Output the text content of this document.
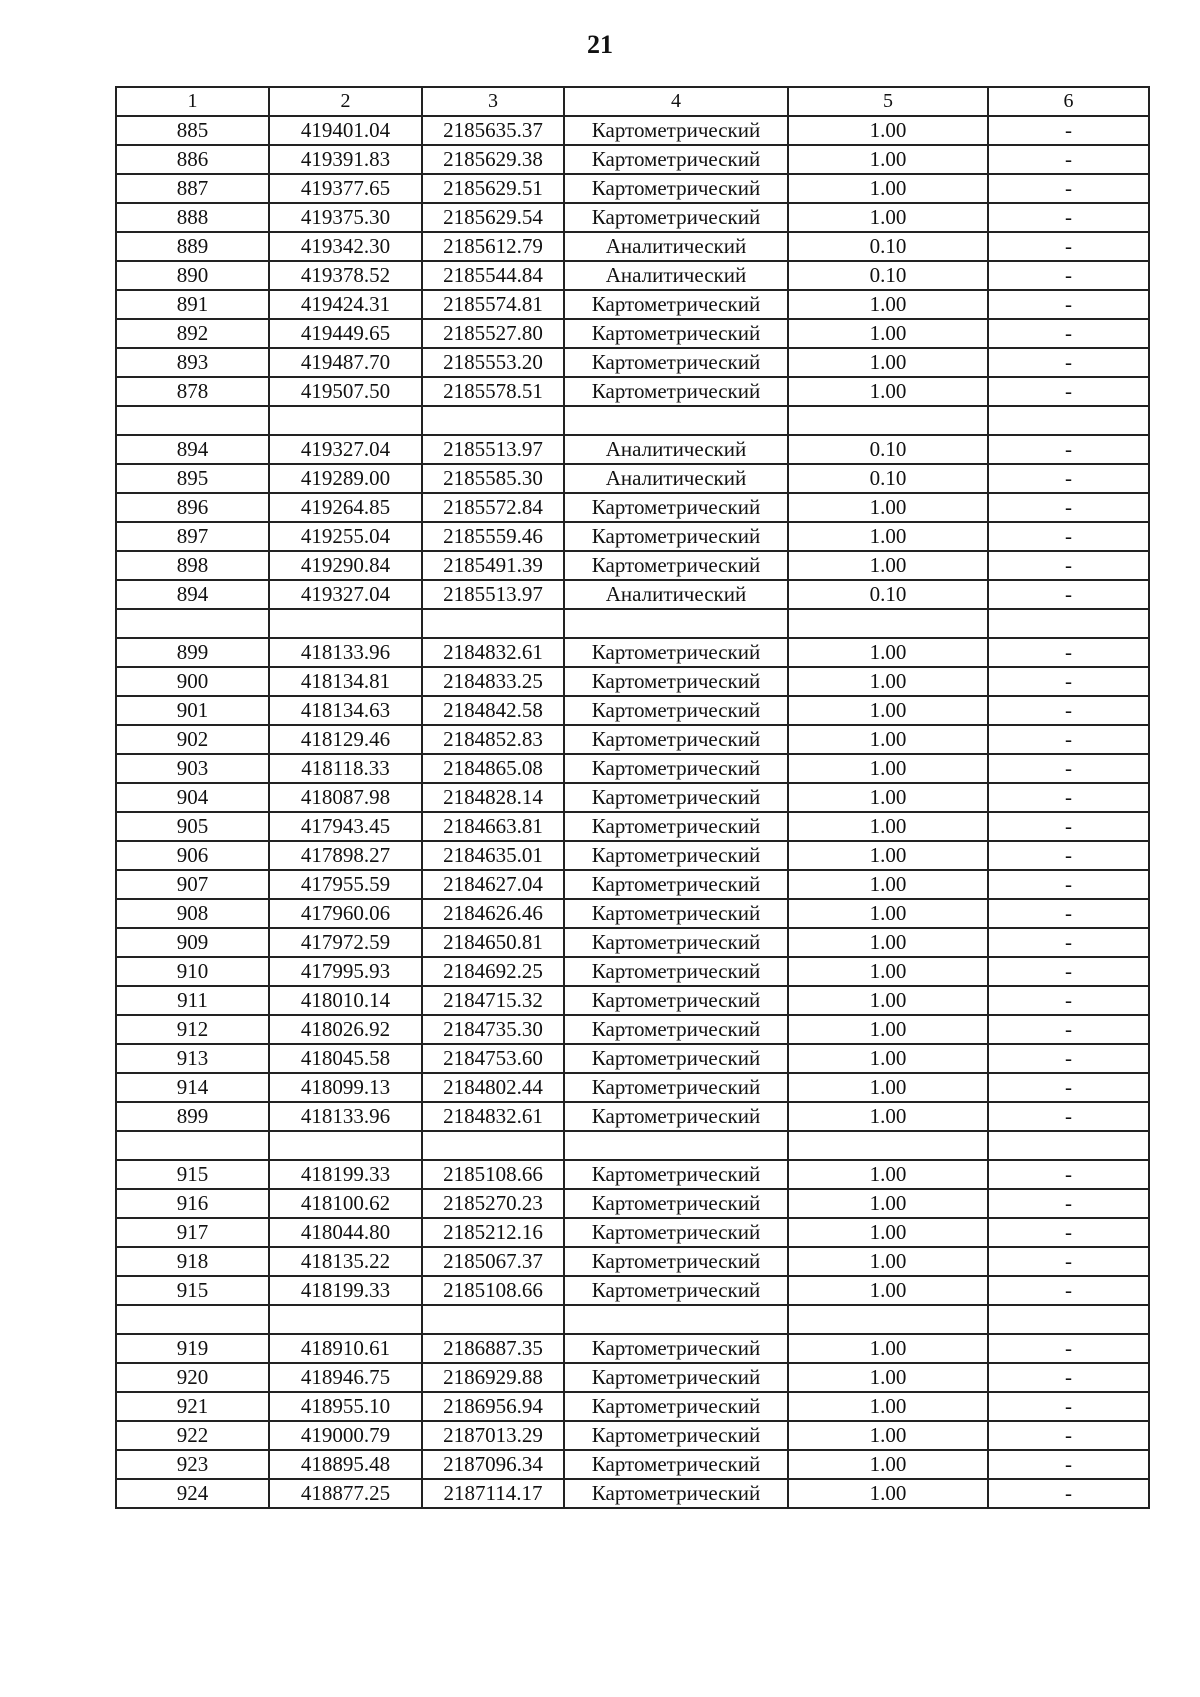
21
1	2	3	4	5	6
885	419401.04	2185635.37	Картометрический	1.00	-
886	419391.83	2185629.38	Картометрический	1.00	-
887	419377.65	2185629.51	Картометрический	1.00	-
888	419375.30	2185629.54	Картометрический	1.00	-
889	419342.30	2185612.79	Аналитический	0.10	-
890	419378.52	2185544.84	Аналитический	0.10	-
891	419424.31	2185574.81	Картометрический	1.00	-
892	419449.65	2185527.80	Картометрический	1.00	-
893	419487.70	2185553.20	Картометрический	1.00	-
878	419507.50	2185578.51	Картометрический	1.00	-

894	419327.04	2185513.97	Аналитический	0.10	-
895	419289.00	2185585.30	Аналитический	0.10	-
896	419264.85	2185572.84	Картометрический	1.00	-
897	419255.04	2185559.46	Картометрический	1.00	-
898	419290.84	2185491.39	Картометрический	1.00	-
894	419327.04	2185513.97	Аналитический	0.10	-

899	418133.96	2184832.61	Картометрический	1.00	-
900	418134.81	2184833.25	Картометрический	1.00	-
901	418134.63	2184842.58	Картометрический	1.00	-
902	418129.46	2184852.83	Картометрический	1.00	-
903	418118.33	2184865.08	Картометрический	1.00	-
904	418087.98	2184828.14	Картометрический	1.00	-
905	417943.45	2184663.81	Картометрический	1.00	-
906	417898.27	2184635.01	Картометрический	1.00	-
907	417955.59	2184627.04	Картометрический	1.00	-
908	417960.06	2184626.46	Картометрический	1.00	-
909	417972.59	2184650.81	Картометрический	1.00	-
910	417995.93	2184692.25	Картометрический	1.00	-
911	418010.14	2184715.32	Картометрический	1.00	-
912	418026.92	2184735.30	Картометрический	1.00	-
913	418045.58	2184753.60	Картометрический	1.00	-
914	418099.13	2184802.44	Картометрический	1.00	-
899	418133.96	2184832.61	Картометрический	1.00	-

915	418199.33	2185108.66	Картометрический	1.00	-
916	418100.62	2185270.23	Картометрический	1.00	-
917	418044.80	2185212.16	Картометрический	1.00	-
918	418135.22	2185067.37	Картометрический	1.00	-
915	418199.33	2185108.66	Картометрический	1.00	-

919	418910.61	2186887.35	Картометрический	1.00	-
920	418946.75	2186929.88	Картометрический	1.00	-
921	418955.10	2186956.94	Картометрический	1.00	-
922	419000.79	2187013.29	Картометрический	1.00	-
923	418895.48	2187096.34	Картометрический	1.00	-
924	418877.25	2187114.17	Картометрический	1.00	-
